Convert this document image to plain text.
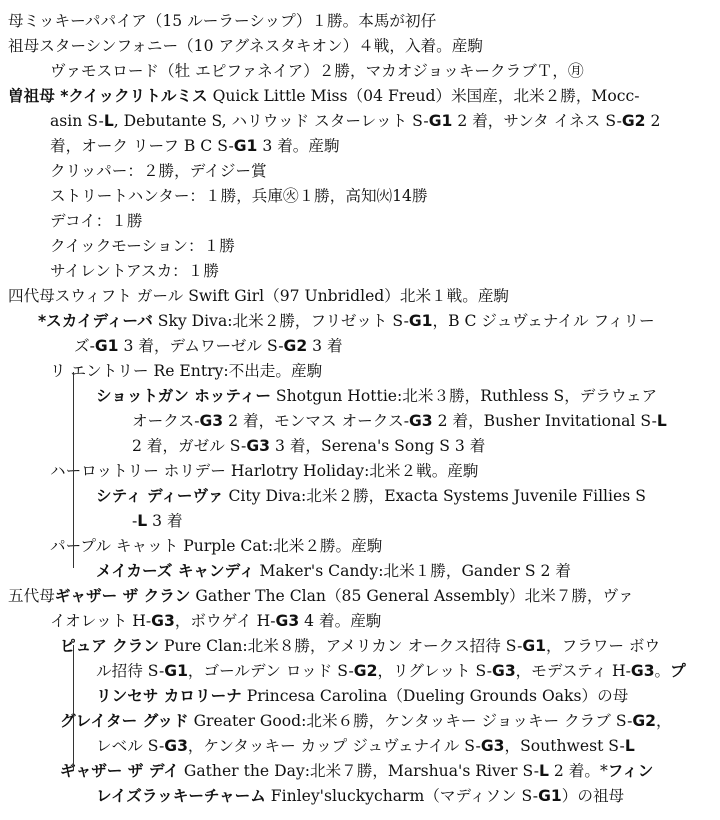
母ミッキーパパイア（15 ルーラーシップ）１勝。本馬が初仔
祖母スターシンフォニー（10 アグネスタキオン）４戦，入着。産駒
ヴァモスロード（牡 エピファネイア）２勝，マカオジョッキークラブＴ，㊊
曽祖母 *クイックリトルミス Quick Little Miss（04 Freud）米国産，北米２勝，Mocc-
asin S-L, Debutante S, ハリウッド スターレット S-G1 2 着，サンタ イネス S-G2 2
着，オーク リーフ B C S-G1 3 着。産駒
クリッパー：２勝，デイジー賞
ストリートハンター：１勝，兵庫㊋１勝，高知㈫14勝
デコイ：１勝
クイックモーション：１勝
サイレントアスカ：１勝
四代母スウィフト ガール Swift Girl（97 Unbridled）北米１戦。産駒
*スカイディーバ Sky Diva:北米２勝，フリゼット S-G1，B C ジュヴェナイル フィリー
ズ-G1 3 着，デムワーゼル S-G2 3 着
リ エントリー Re Entry:不出走。産駒
ショットガン ホッティー Shotgun Hottie:北米３勝，Ruthless S，デラウェア
オークス-G3 2 着，モンマス オークス-G3 2 着，Busher Invitational S-L
2 着，ガゼル S-G3 3 着，Serena's Song S 3 着
ハーロットリー ホリデー Harlotry Holiday:北米２戦。産駒
シティ ディーヴァ City Diva:北米２勝，Exacta Systems Juvenile Fillies S
-L 3 着
パープル キャット Purple Cat:北米２勝。産駒
メイカーズ キャンディ Maker's Candy:北米１勝，Gander S 2 着
五代母ギャザー ザ クラン Gather The Clan（85 General Assembly）北米７勝，ヴァ
イオレット H-G3，ボウゲイ H-G3 4 着。産駒
ピュア クラン Pure Clan:北米８勝，アメリカン オークス招待 S-G1，フラワー ボウ
ル招待 S-G1，ゴールデン ロッド S-G2，リグレット S-G3，モデスティ H-G3。プ
リンセサ カロリーナ Princesa Carolina（Dueling Grounds Oaks）の母
グレイター グッド Greater Good:北米６勝，ケンタッキー ジョッキー クラブ S-G2，
レベル S-G3，ケンタッキー カップ ジュヴェナイル S-G3，Southwest S-L
ギャザー ザ デイ Gather the Day:北米７勝，Marshua's River S-L 2 着。*フィン
レイズラッキーチャーム Finley'sluckycharm（マディソン S-G1）の祖母
